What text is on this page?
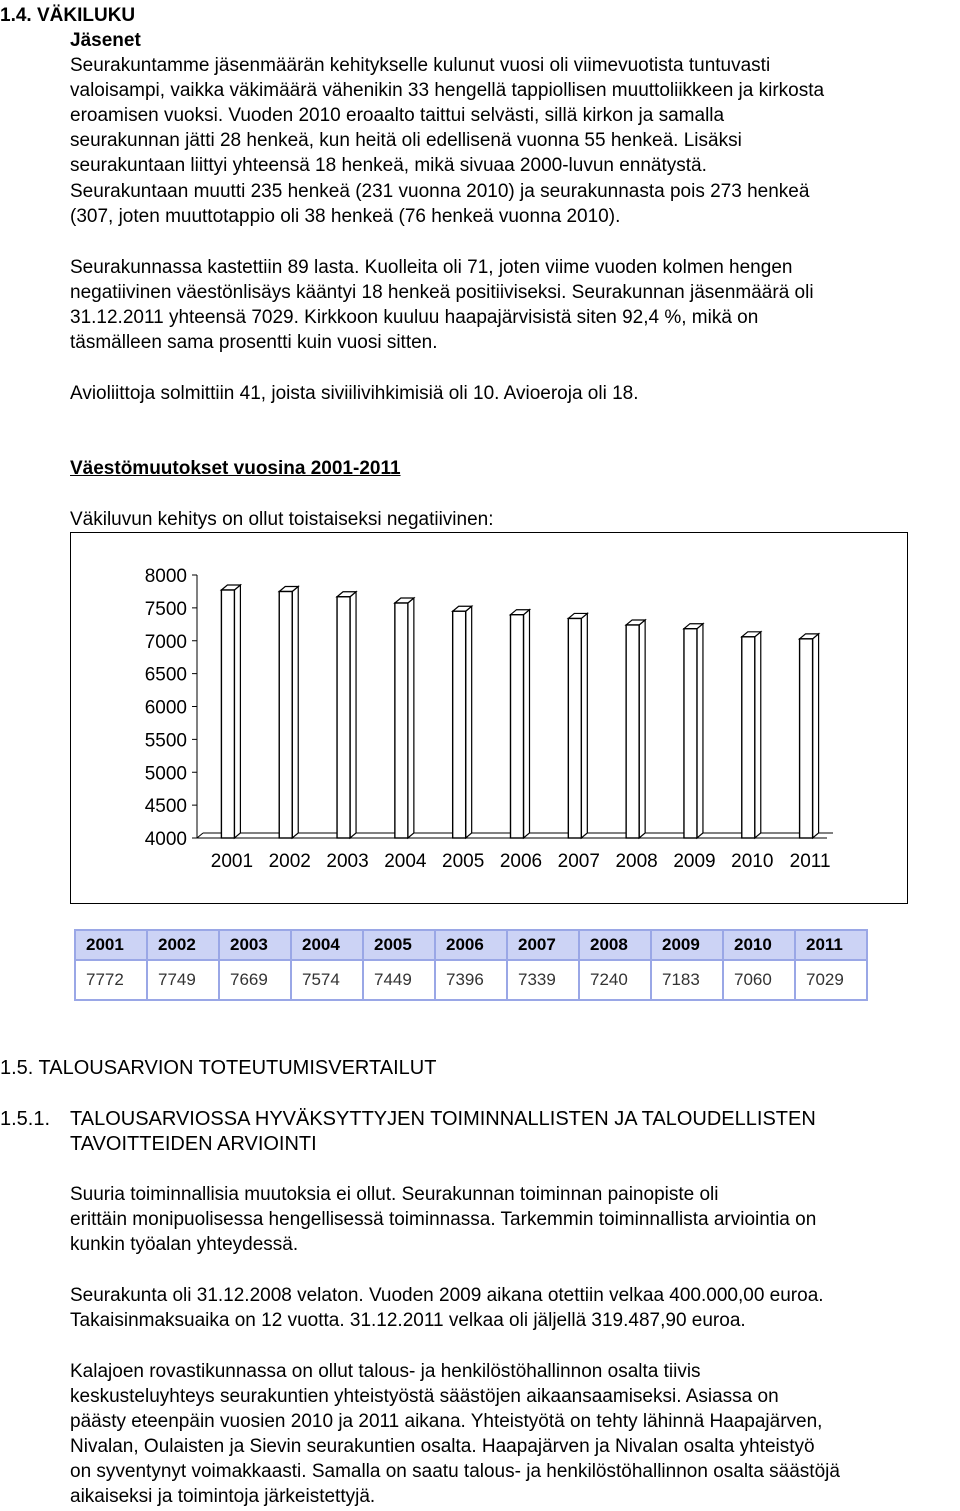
1.4. VÄKILUKU
Jäsenet
Seurakuntamme jäsenmäärän kehitykselle kulunut vuosi oli viimevuotista tuntuvasti
valoisampi, vaikka väkimäärä vähenikin 33 hengellä tappiollisen muuttoliikkeen ja kirkosta
eroamisen vuoksi. Vuoden 2010 eroaalto taittui selvästi, sillä kirkon ja samalla
seurakunnan jätti 28 henkeä, kun heitä oli edellisenä vuonna 55 henkeä. Lisäksi
seurakuntaan liittyi yhteensä 18 henkeä, mikä sivuaa 2000-luvun ennätystä.
Seurakuntaan muutti 235 henkeä (231 vuonna 2010) ja seurakunnasta pois 273 henkeä
(307, joten muuttotappio oli 38 henkeä (76 henkeä vuonna 2010).
Seurakunnassa kastettiin 89 lasta. Kuolleita oli 71, joten viime vuoden kolmen hengen
negatiivinen väestönlisäys kääntyi 18 henkeä positiiviseksi. Seurakunnan jäsenmäärä oli
31.12.2011 yhteensä 7029. Kirkkoon kuuluu haapajärvisistä siten 92,4 %, mikä on
täsmälleen sama prosentti kuin vuosi sitten.
Avioliittoja solmittiin 41, joista siviilivihkimisiä oli 10. Avioeroja oli 18.
Väestömuutokset vuosina 2001-2011
Väkiluvun kehitys on ollut toistaiseksi negatiivinen:
4000
4500
5000
5500
6000
6500
7000
7500
8000
2001 2002 2003 2004 2005 2006 2007 2008 2009 2010 2011
2001	2002	2003	2004	2005	2006	2007	2008	2009	2010	2011
7772	7749	7669	7574	7449	7396	7339	7240	7183	7060	7029
1.5. TALOUSARVION TOTEUTUMISVERTAILUT
1.5.1. TALOUSARVIOSSA HYVÄKSYTTYJEN TOIMINNALLISTEN JA TALOUDELLISTEN
TAVOITTEIDEN ARVIOINTI
Suuria toiminnallisia muutoksia ei ollut. Seurakunnan toiminnan painopiste oli
erittäin monipuolisessa hengellisessä toiminnassa. Tarkemmin toiminnallista arviointia on
kunkin työalan yhteydessä.
Seurakunta oli 31.12.2008 velaton. Vuoden 2009 aikana otettiin velkaa 400.000,00 euroa.
Takaisinmaksuaika on 12 vuotta. 31.12.2011 velkaa oli jäljellä 319.487,90 euroa.
Kalajoen rovastikunnassa on ollut talous- ja henkilöstöhallinnon osalta tiivis
keskusteluyhteys seurakuntien yhteistyöstä säästöjen aikaansaamiseksi. Asiassa on
päästy eteenpäin vuosien 2010 ja 2011 aikana. Yhteistyötä on tehty lähinnä Haapajärven,
Nivalan, Oulaisten ja Sievin seurakuntien osalta. Haapajärven ja Nivalan osalta yhteistyö
on syventynyt voimakkaasti. Samalla on saatu talous- ja henkilöstöhallinnon osalta säästöjä
aikaiseksi ja toimintoja järkeistettyjä.
